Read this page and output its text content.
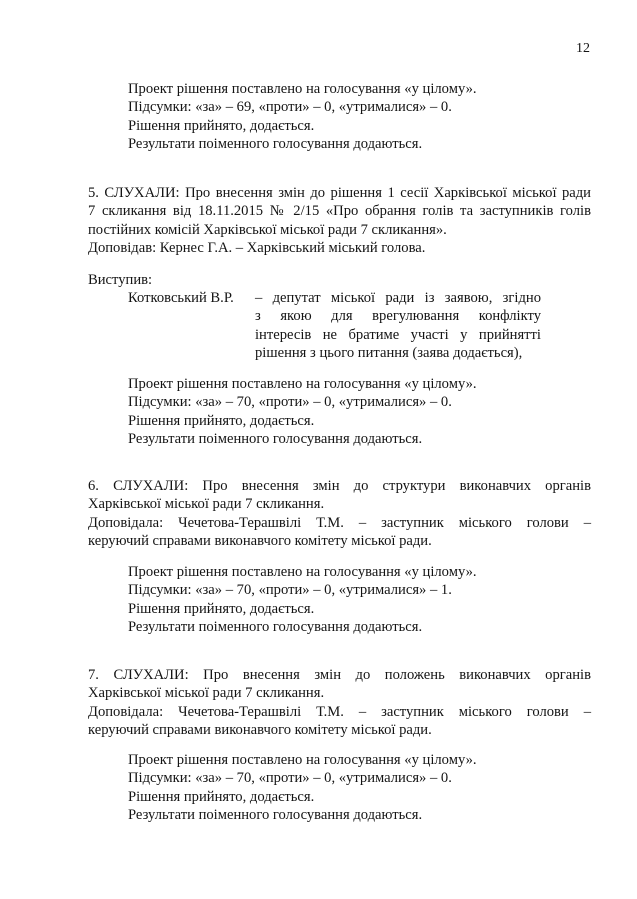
12
Проект рішення поставлено на голосування «у цілому».
Підсумки: «за» – 69, «проти» – 0, «утрималися» – 0.
Рішення прийнято, додається.
Результати поіменного голосування додаються.
5. СЛУХАЛИ: Про внесення змін до рішення 1 сесії Харківської міської ради
7 скликання від 18.11.2015 № 2/15 «Про обрання голів та заступників голів
постійних комісій Харківської міської ради 7 скликання».
Доповідав: Кернес Г.А. – Харківський міський голова.
Виступив:
Котковський В.Р. – депутат міської ради із заявою, згідно
з якою для врегулювання конфлікту
інтересів не братиме участі у прийнятті
рішення з цього питання (заява додається),
Проект рішення поставлено на голосування «у цілому».
Підсумки: «за» – 70, «проти» – 0, «утрималися» – 0.
Рішення прийнято, додається.
Результати поіменного голосування додаються.
6. СЛУХАЛИ: Про внесення змін до структури виконавчих органів
Харківської міської ради 7 скликання.
Доповідала: Чечетова-Терашвілі Т.М. – заступник міського голови –
керуючий справами виконавчого комітету міської ради.
Проект рішення поставлено на голосування «у цілому».
Підсумки: «за» – 70, «проти» – 0, «утрималися» – 1.
Рішення прийнято, додається.
Результати поіменного голосування додаються.
7. СЛУХАЛИ: Про внесення змін до положень виконавчих органів
Харківської міської ради 7 скликання.
Доповідала: Чечетова-Терашвілі Т.М. – заступник міського голови –
керуючий справами виконавчого комітету міської ради.
Проект рішення поставлено на голосування «у цілому».
Підсумки: «за» – 70, «проти» – 0, «утрималися» – 0.
Рішення прийнято, додається.
Результати поіменного голосування додаються.
